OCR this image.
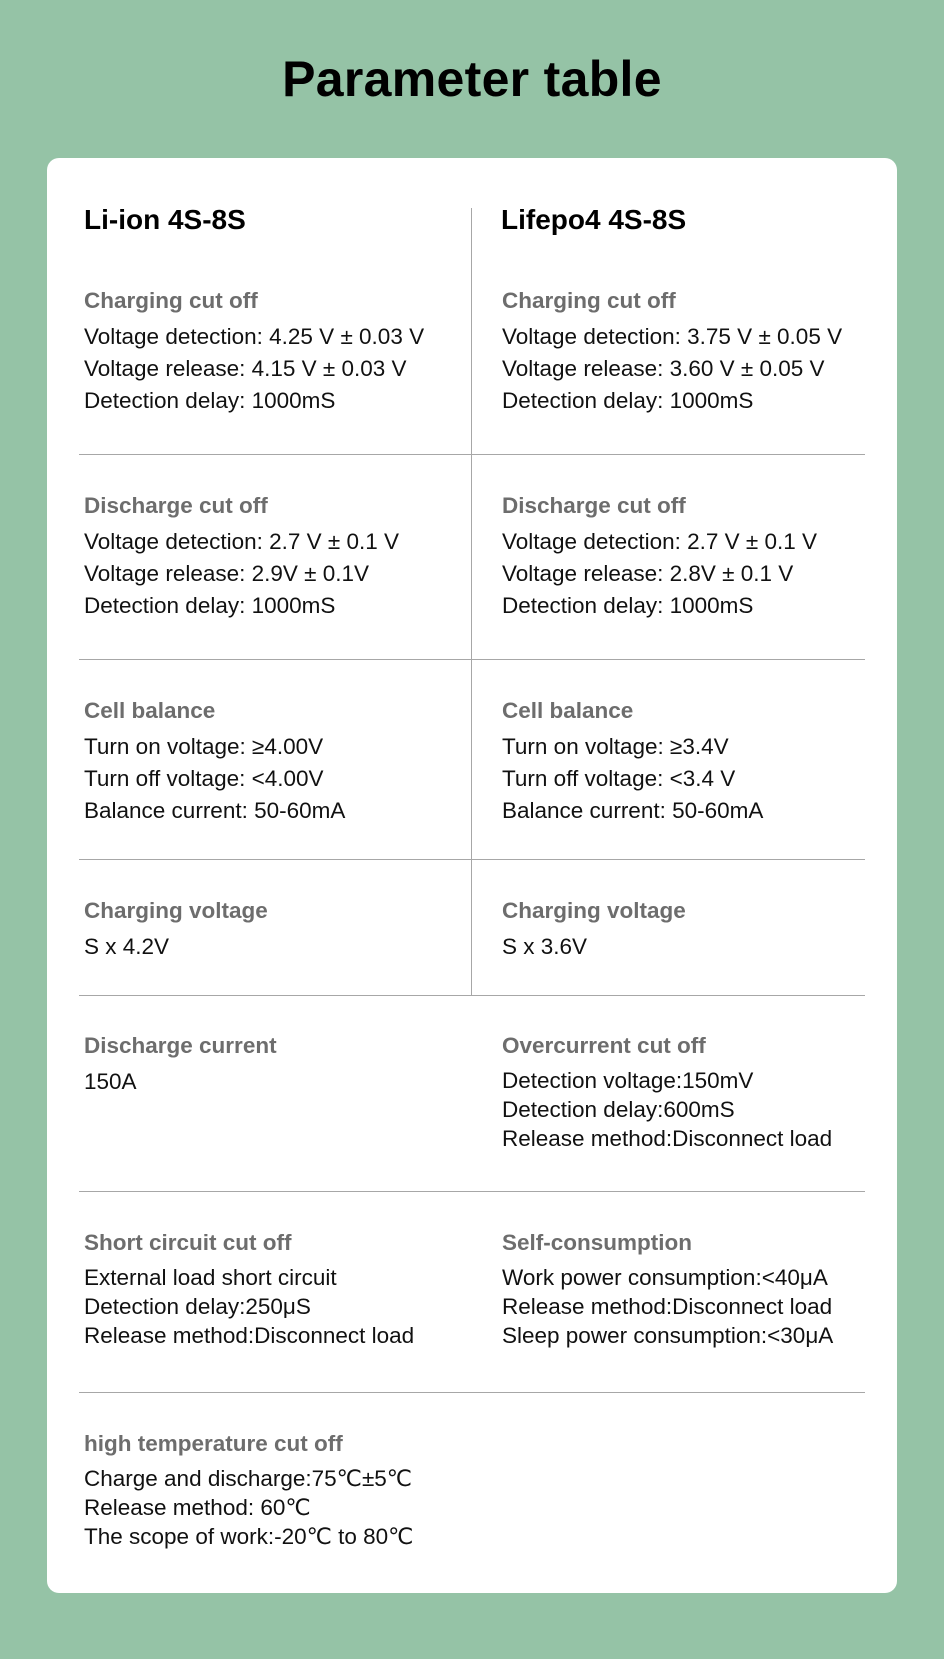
Parameter table
Li-ion 4S-8S	Lifepo4 4S-8S
Charging cut off
Voltage detection: 4.25 V ± 0.03 V
Voltage release: 4.15 V ± 0.03 V
Detection delay: 1000mS
Charging cut off
Voltage detection: 3.75 V ± 0.05 V
Voltage release: 3.60 V ± 0.05 V
Detection delay: 1000mS
Discharge cut off
Voltage detection: 2.7 V ± 0.1 V
Voltage release: 2.9V ± 0.1V
Detection delay: 1000mS
Discharge cut off
Voltage detection: 2.7 V ± 0.1 V
Voltage release: 2.8V ± 0.1 V
Detection delay: 1000mS
Cell balance
Turn on voltage: ≥4.00V
Turn off voltage: <4.00V
Balance current: 50-60mA
Cell balance
Turn on voltage: ≥3.4V
Turn off voltage: <3.4 V
Balance current: 50-60mA
Charging voltage
S x 4.2V
Charging voltage
S x 3.6V
Discharge current
150A
Overcurrent cut off
Detection voltage:150mV
Detection delay:600mS
Release method:Disconnect load
Short circuit cut off
External load short circuit
Detection delay:250μS
Release method:Disconnect load
Self-consumption
Work power consumption:<40μA
Release method:Disconnect load
Sleep power consumption:<30μA
high temperature cut off
Charge and discharge:75℃±5℃
Release method: 60℃
The scope of work:-20℃ to 80℃
